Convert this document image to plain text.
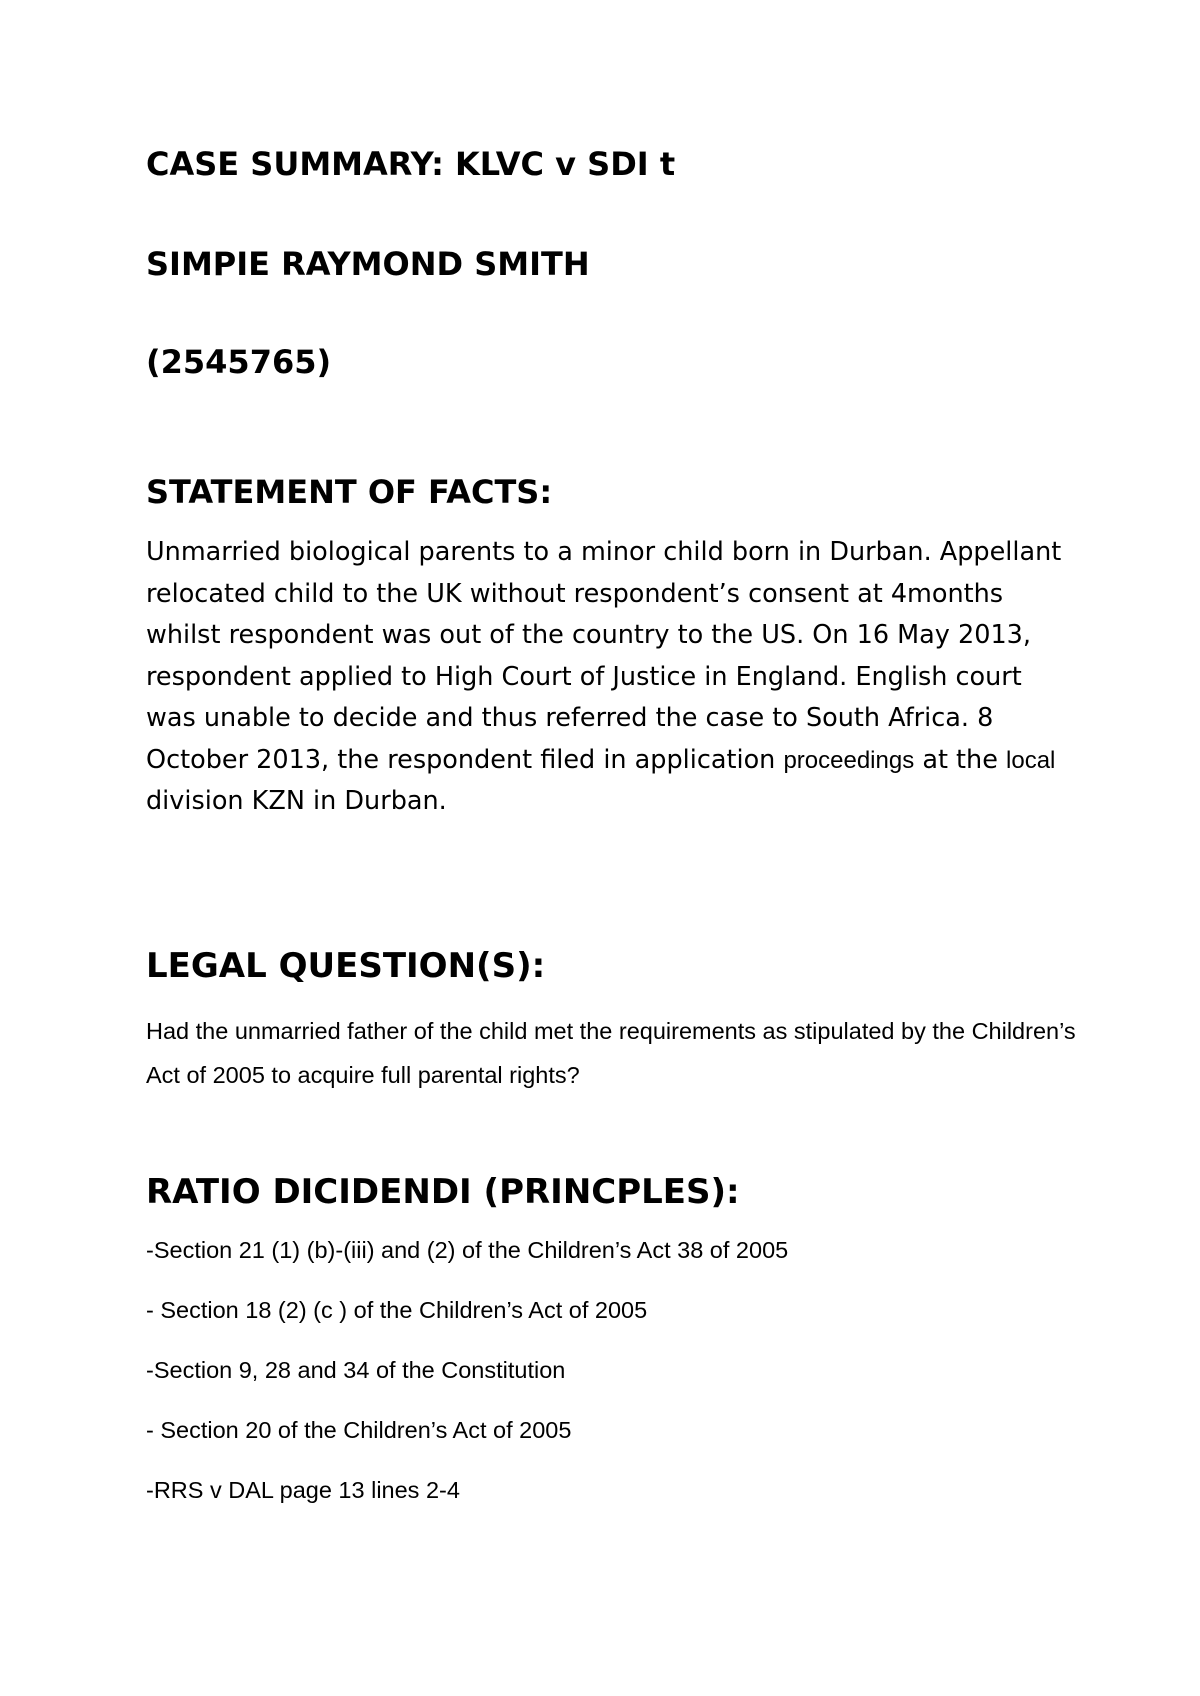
CASE SUMMARY: KLVC v SDI t
SIMPIE RAYMOND SMITH
(2545765)
STATEMENT OF FACTS:

Unmarried biological parents to a minor child born in Durban. Appellant relocated child to the UK without respondent’s consent at 4months whilst respondent was out of the country to the US. On 16 May 2013, respondent applied to High Court of Justice in England. English court was unable to decide and thus referred the case to South Africa. 8 October 2013, the respondent filed in application proceedings at the local division KZN in Durban.

LEGAL QUESTION(S):

Had the unmarried father of the child met the requirements as stipulated by the Children’s Act of 2005 to acquire full parental rights?

RATIO DICIDENDI (PRINCPLES):
-Section 21 (1) (b)-(iii) and (2) of the Children’s Act 38 of 2005
- Section 18 (2) (c ) of the Children’s Act of 2005
-Section 9, 28 and 34 of the Constitution
- Section 20 of the Children’s Act of 2005
-RRS v DAL page 13 lines 2-4
